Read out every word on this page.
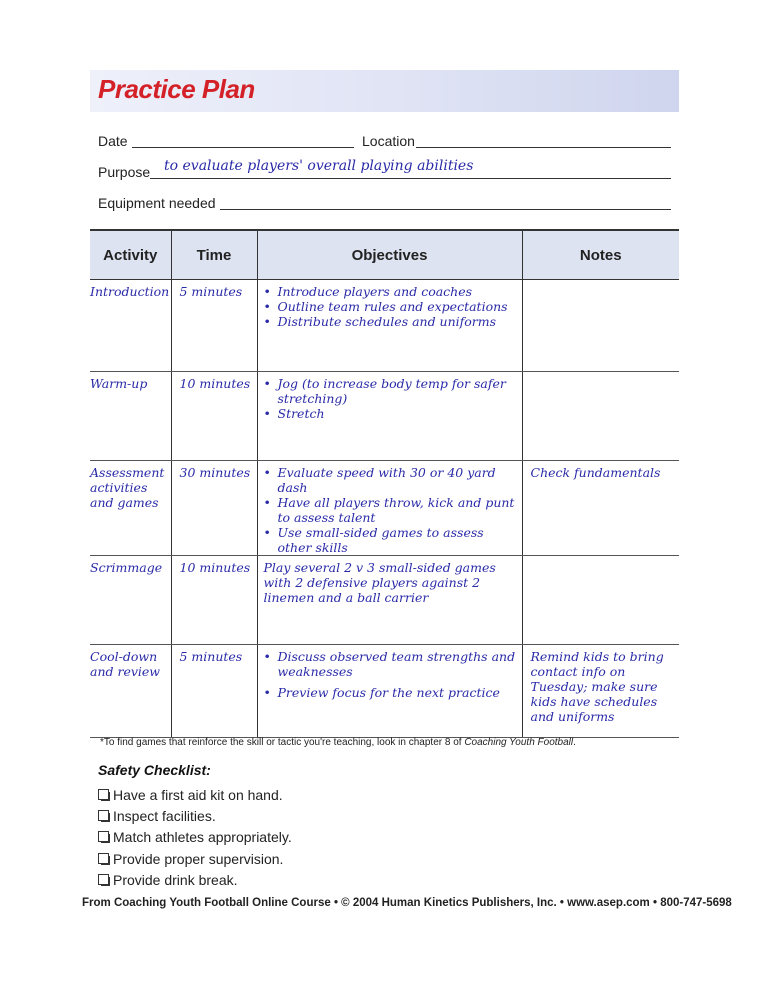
Practice Plan
Date	Location
Purpose to evaluate players' overall playing abilities
Equipment needed
Activity	Time	Objectives	Notes
Introduction	5 minutes	• Introduce players and coaches
• Outline team rules and expectations
• Distribute schedules and uniforms

Warm-up	10 minutes	• Jog (to increase body temp for safer stretching)
• Stretch

Assessment activities and games	30 minutes	• Evaluate speed with 30 or 40 yard dash
• Have all players throw, kick and punt to assess talent
• Use small-sided games to assess other skills	Check fundamentals
Scrimmage	10 minutes	Play several 2 v 3 small-sided games with 2 defensive players against 2 linemen and a ball carrier	
Cool-down and review	5 minutes	• Discuss observed team strengths and weaknesses
• Preview focus for the next practice	Remind kids to bring contact info on Tuesday; make sure kids have schedules and uniforms
*To find games that reinforce the skill or tactic you're teaching, look in chapter 8 of Coaching Youth Football.
Safety Checklist:
Have a first aid kit on hand.
Inspect facilities.
Match athletes appropriately.
Provide proper supervision.
Provide drink break.
From Coaching Youth Football Online Course • © 2004 Human Kinetics Publishers, Inc. • www.asep.com • 800-747-5698
